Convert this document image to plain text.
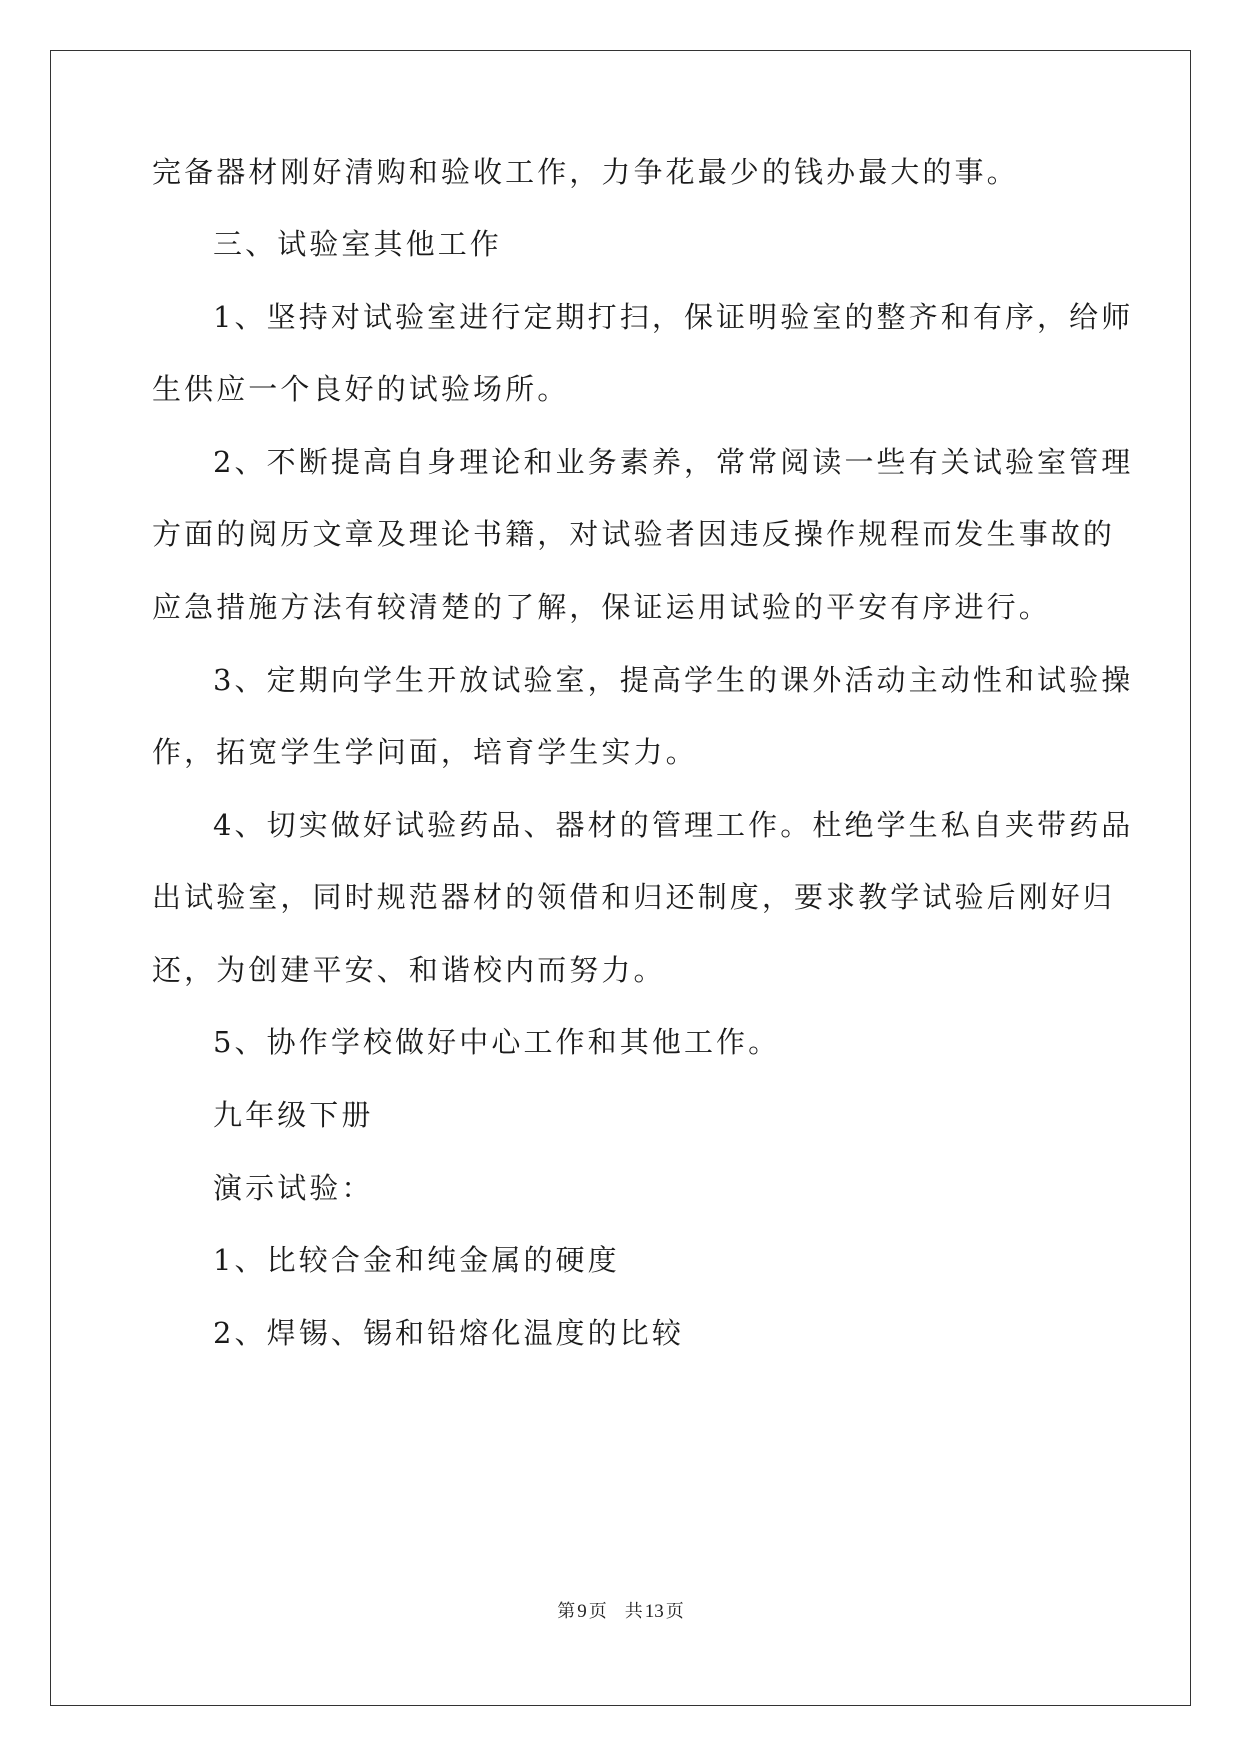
完备器材刚好清购和验收工作，力争花最少的钱办最大的事。
三、试验室其他工作
1、坚持对试验室进行定期打扫，保证明验室的整齐和有序，给师
生供应一个良好的试验场所。
2、不断提高自身理论和业务素养，常常阅读一些有关试验室管理
方面的阅历文章及理论书籍，对试验者因违反操作规程而发生事故的
应急措施方法有较清楚的了解，保证运用试验的平安有序进行。
3、定期向学生开放试验室，提高学生的课外活动主动性和试验操
作，拓宽学生学问面，培育学生实力。
4、切实做好试验药品、器材的管理工作。杜绝学生私自夹带药品
出试验室，同时规范器材的领借和归还制度，要求教学试验后刚好归
还，为创建平安、和谐校内而努力。
5、协作学校做好中心工作和其他工作。
九年级下册
演示试验：
1、比较合金和纯金属的硬度
2、焊锡、锡和铅熔化温度的比较
第 9 页 共 13 页
